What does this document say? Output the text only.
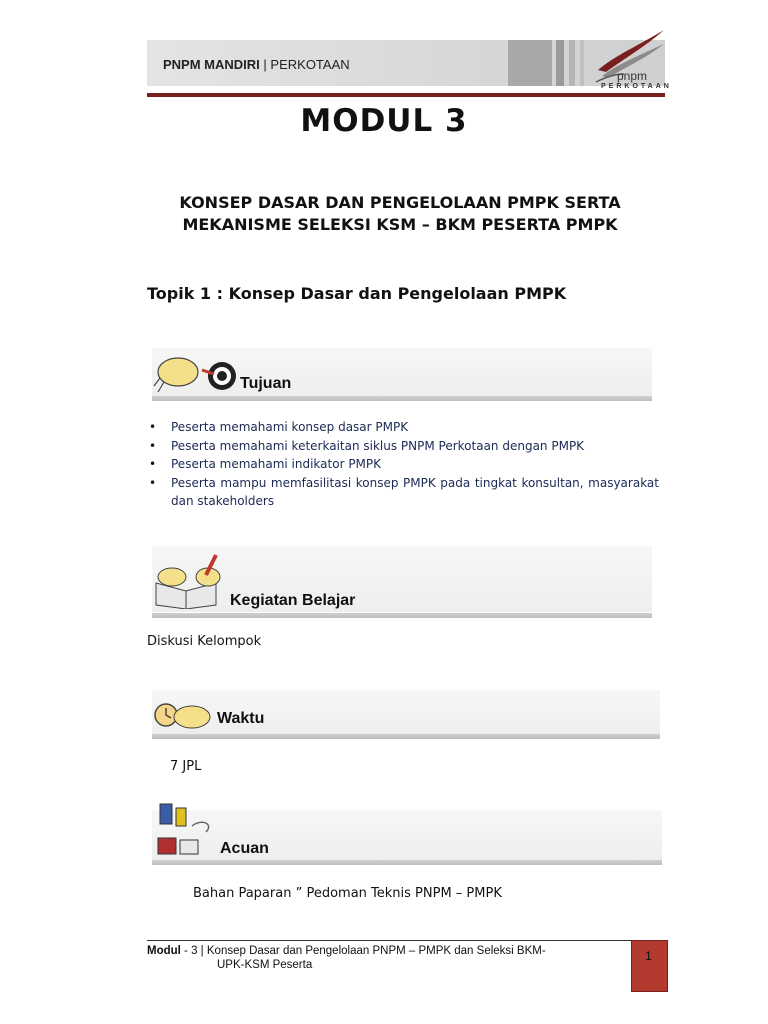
PNPM MANDIRI | PERKOTAAN
pnpm
PERKOTAAN
MODUL 3
KONSEP DASAR DAN PENGELOLAAN PMPK SERTA
MEKANISME SELEKSI KSM – BKM PESERTA PMPK
Topik 1 : Konsep Dasar dan Pengelolaan PMPK
Tujuan
• Peserta memahami konsep dasar PMPK
• Peserta memahami keterkaitan siklus PNPM Perkotaan dengan PMPK
• Peserta memahami indikator PMPK
• Peserta mampu memfasilitasi konsep PMPK pada tingkat konsultan, masyarakat dan stakeholders
Kegiatan Belajar
Diskusi Kelompok
Waktu
7 JPL
Acuan
Bahan Paparan ” Pedoman Teknis PNPM – PMPK
Modul - 3 | Konsep Dasar dan Pengelolaan PNPM – PMPK dan Seleksi BKM-
UPK-KSM Peserta
1
